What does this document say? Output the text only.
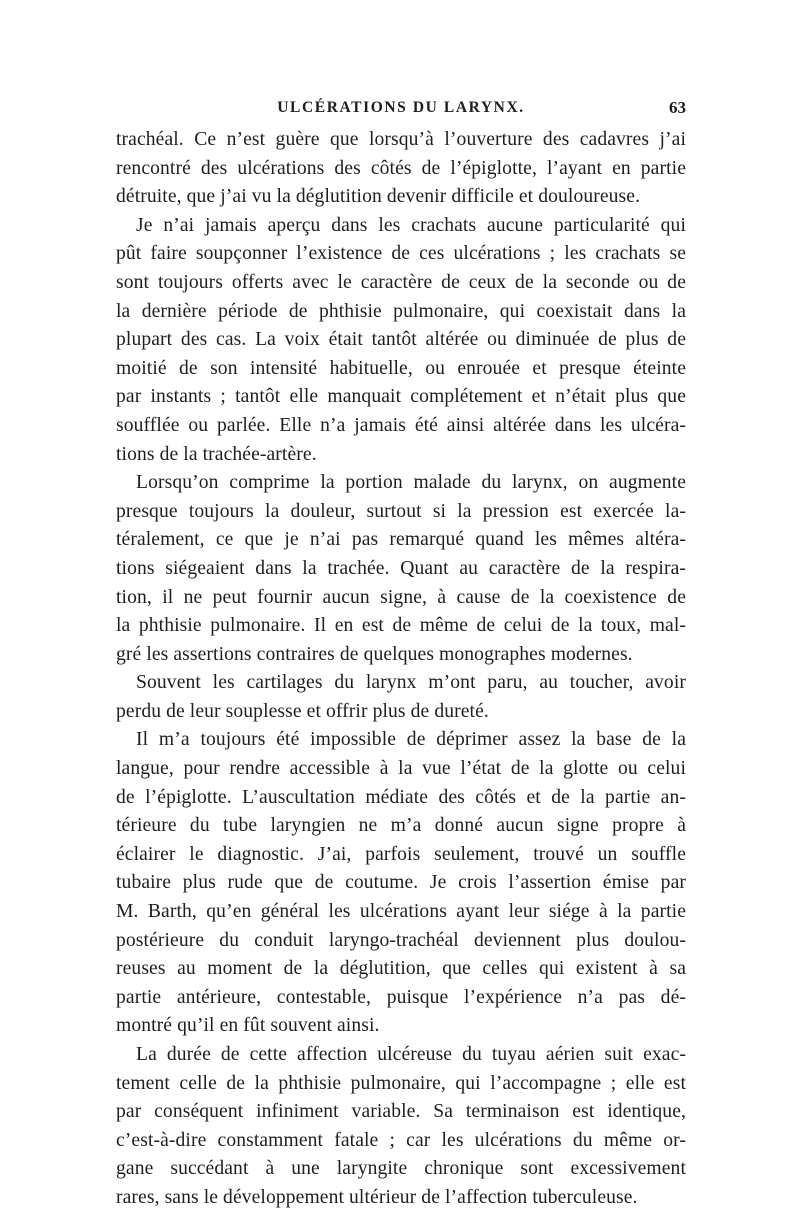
ULCÉRATIONS DU LARYNX.	63

trachéal. Ce n’est guère que lorsqu’à l’ouverture des cadavres j’ai

rencontré des ulcérations des côtés de l’épiglotte, l’ayant en partie

détruite, que j’ai vu la déglutition devenir difficile et douloureuse.

Je n’ai jamais aperçu dans les crachats aucune particularité qui

pût faire soupçonner l’existence de ces ulcérations ; les crachats se

sont toujours offerts avec le caractère de ceux de la seconde ou de

la dernière période de phthisie pulmonaire, qui coexistait dans la

plupart des cas. La voix était tantôt altérée ou diminuée de plus de

moitié de son intensité habituelle, ou enrouée et presque éteinte

par instants ; tantôt elle manquait complétement et n’était plus que

soufflée ou parlée. Elle n’a jamais été ainsi altérée dans les ulcéra-

tions de la trachée-artère.

Lorsqu’on comprime la portion malade du larynx, on augmente

presque toujours la douleur, surtout si la pression est exercée la-

téralement, ce que je n’ai pas remarqué quand les mêmes altéra-

tions siégeaient dans la trachée. Quant au caractère de la respira-

tion, il ne peut fournir aucun signe, à cause de la coexistence de

la phthisie pulmonaire. Il en est de même de celui de la toux, mal-

gré les assertions contraires de quelques monographes modernes.

Souvent les cartilages du larynx m’ont paru, au toucher, avoir

perdu de leur souplesse et offrir plus de dureté.

Il m’a toujours été impossible de déprimer assez la base de la

langue, pour rendre accessible à la vue l’état de la glotte ou celui

de l’épiglotte. L’auscultation médiate des côtés et de la partie an-

térieure du tube laryngien ne m’a donné aucun signe propre à

éclairer le diagnostic. J’ai, parfois seulement, trouvé un souffle

tubaire plus rude que de coutume. Je crois l’assertion émise par

M. Barth, qu’en général les ulcérations ayant leur siége à la partie

postérieure du conduit laryngo-trachéal deviennent plus doulou-

reuses au moment de la déglutition, que celles qui existent à sa

partie antérieure, contestable, puisque l’expérience n’a pas dé-

montré qu’il en fût souvent ainsi.

La durée de cette affection ulcéreuse du tuyau aérien suit exac-

tement celle de la phthisie pulmonaire, qui l’accompagne ; elle est

par conséquent infiniment variable. Sa terminaison est identique,

c’est-à-dire constamment fatale ; car les ulcérations du même or-

gane succédant à une laryngite chronique sont excessivement

rares, sans le développement ultérieur de l’affection tuberculeuse.
